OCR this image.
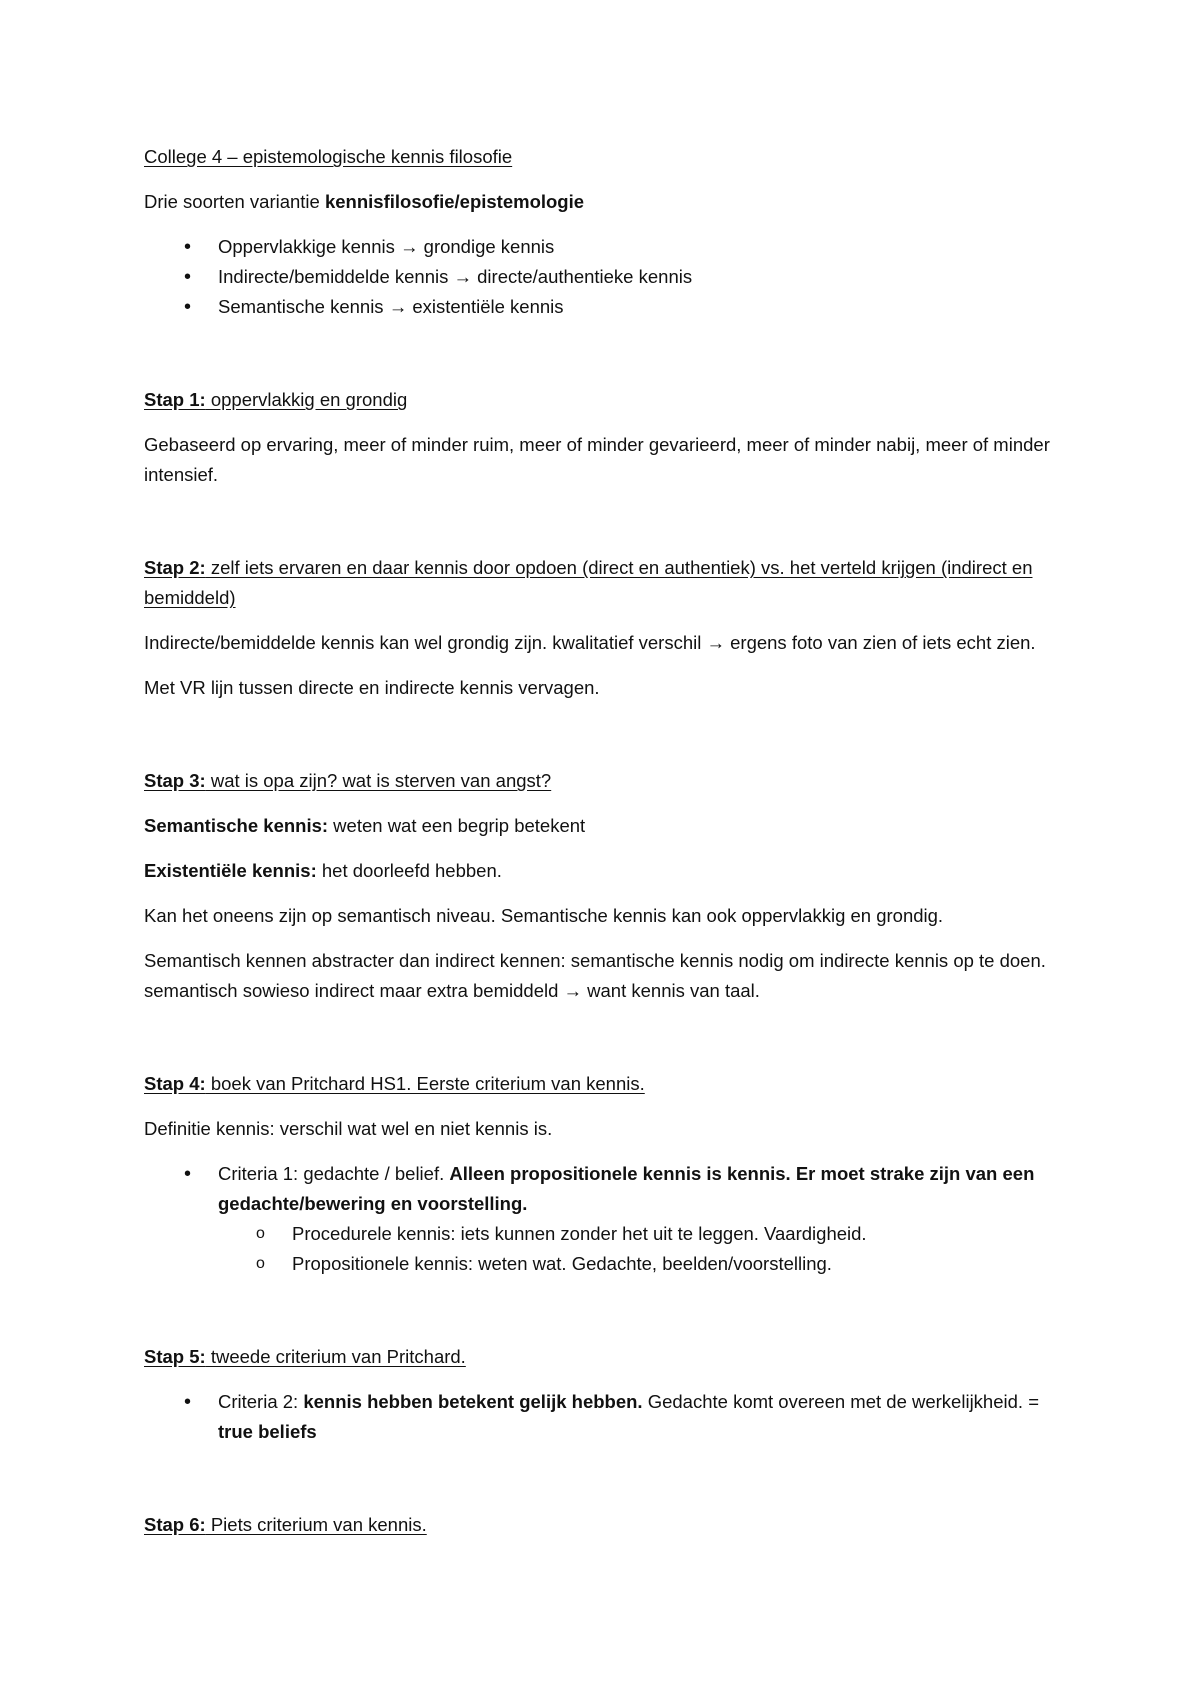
College 4 – epistemologische kennis filosofie

Drie soorten variantie kennisfilosofie/epistemologie

• Oppervlakkige kennis → grondige kennis
• Indirecte/bemiddelde kennis → directe/authentieke kennis
• Semantische kennis → existentiële kennis

Stap 1: oppervlakkig en grondig

Gebaseerd op ervaring, meer of minder ruim, meer of minder gevarieerd, meer of minder nabij, meer of minder intensief.

Stap 2: zelf iets ervaren en daar kennis door opdoen (direct en authentiek) vs. het verteld krijgen (indirect en bemiddeld)

Indirecte/bemiddelde kennis kan wel grondig zijn. kwalitatief verschil → ergens foto van zien of iets echt zien.

Met VR lijn tussen directe en indirecte kennis vervagen.

Stap 3: wat is opa zijn? wat is sterven van angst?

Semantische kennis: weten wat een begrip betekent

Existentiële kennis: het doorleefd hebben.

Kan het oneens zijn op semantisch niveau. Semantische kennis kan ook oppervlakkig en grondig.

Semantisch kennen abstracter dan indirect kennen: semantische kennis nodig om indirecte kennis op te doen. semantisch sowieso indirect maar extra bemiddeld → want kennis van taal.

Stap 4: boek van Pritchard HS1. Eerste criterium van kennis.

Definitie kennis: verschil wat wel en niet kennis is.

• Criteria 1: gedachte / belief. Alleen propositionele kennis is kennis. Er moet strake zijn van een gedachte/bewering en voorstelling.
o Procedurele kennis: iets kunnen zonder het uit te leggen. Vaardigheid.
o Propositionele kennis: weten wat. Gedachte, beelden/voorstelling.

Stap 5: tweede criterium van Pritchard.

• Criteria 2: kennis hebben betekent gelijk hebben. Gedachte komt overeen met de werkelijkheid. = true beliefs

Stap 6: Piets criterium van kennis.
